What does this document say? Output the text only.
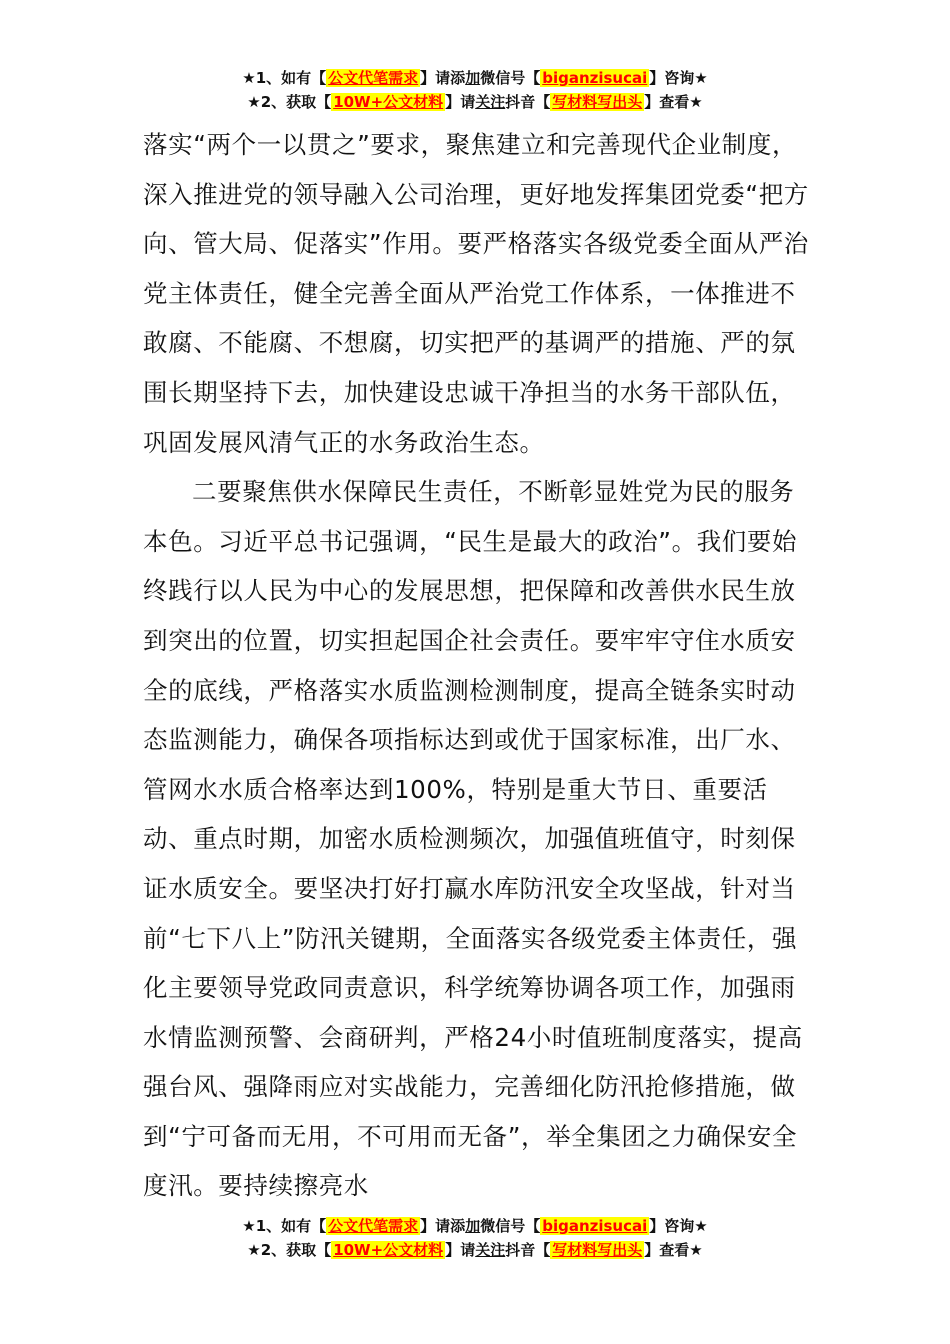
★1、如有【 公文代笔需求 】请添加微信号【 biganzisucai 】咨询★
★2、获取【 10W+公文材料 】请关注抖音【 写材料写出头 】查看★

落实“两个一以贯之”要求，聚焦建立和完善现代企业制度，深入推进党的领导融入公司治理，更好地发挥集团党委“把方向、管大局、促落实”作用。要严格落实各级党委全面从严治党主体责任，健全完善全面从严治党工作体系，一体推进不敢腐、不能腐、不想腐，切实把严的基调严的措施、严的氛围长期坚持下去，加快建设忠诚干净担当的水务干部队伍，巩固发展风清气正的水务政治生态。

二要聚焦供水保障民生责任，不断彰显姓党为民的服务本色。习近平总书记强调，“民生是最大的政治”。我们要始终践行以人民为中心的发展思想，把保障和改善供水民生放到突出的位置，切实担起国企社会责任。要牢牢守住水质安全的底线，严格落实水质监测检测制度，提高全链条实时动态监测能力，确保各项指标达到或优于国家标准，出厂水、管网水水质合格率达到100%，特别是重大节日、重要活动、重点时期，加密水质检测频次，加强值班值守，时刻保证水质安全。要坚决打好打赢水库防汛安全攻坚战，针对当前“七下八上”防汛关键期，全面落实各级党委主体责任，强化主要领导党政同责意识，科学统筹协调各项工作，加强雨水情监测预警、会商研判，严格24小时值班制度落实，提高强台风、强降雨应对实战能力，完善细化防汛抢修措施，做到“宁可备而无用，不可用而无备”，举全集团之力确保安全度汛。要持续擦亮水

★1、如有【 公文代笔需求 】请添加微信号【 biganzisucai 】咨询★
★2、获取【 10W+公文材料 】请关注抖音【 写材料写出头 】查看★
